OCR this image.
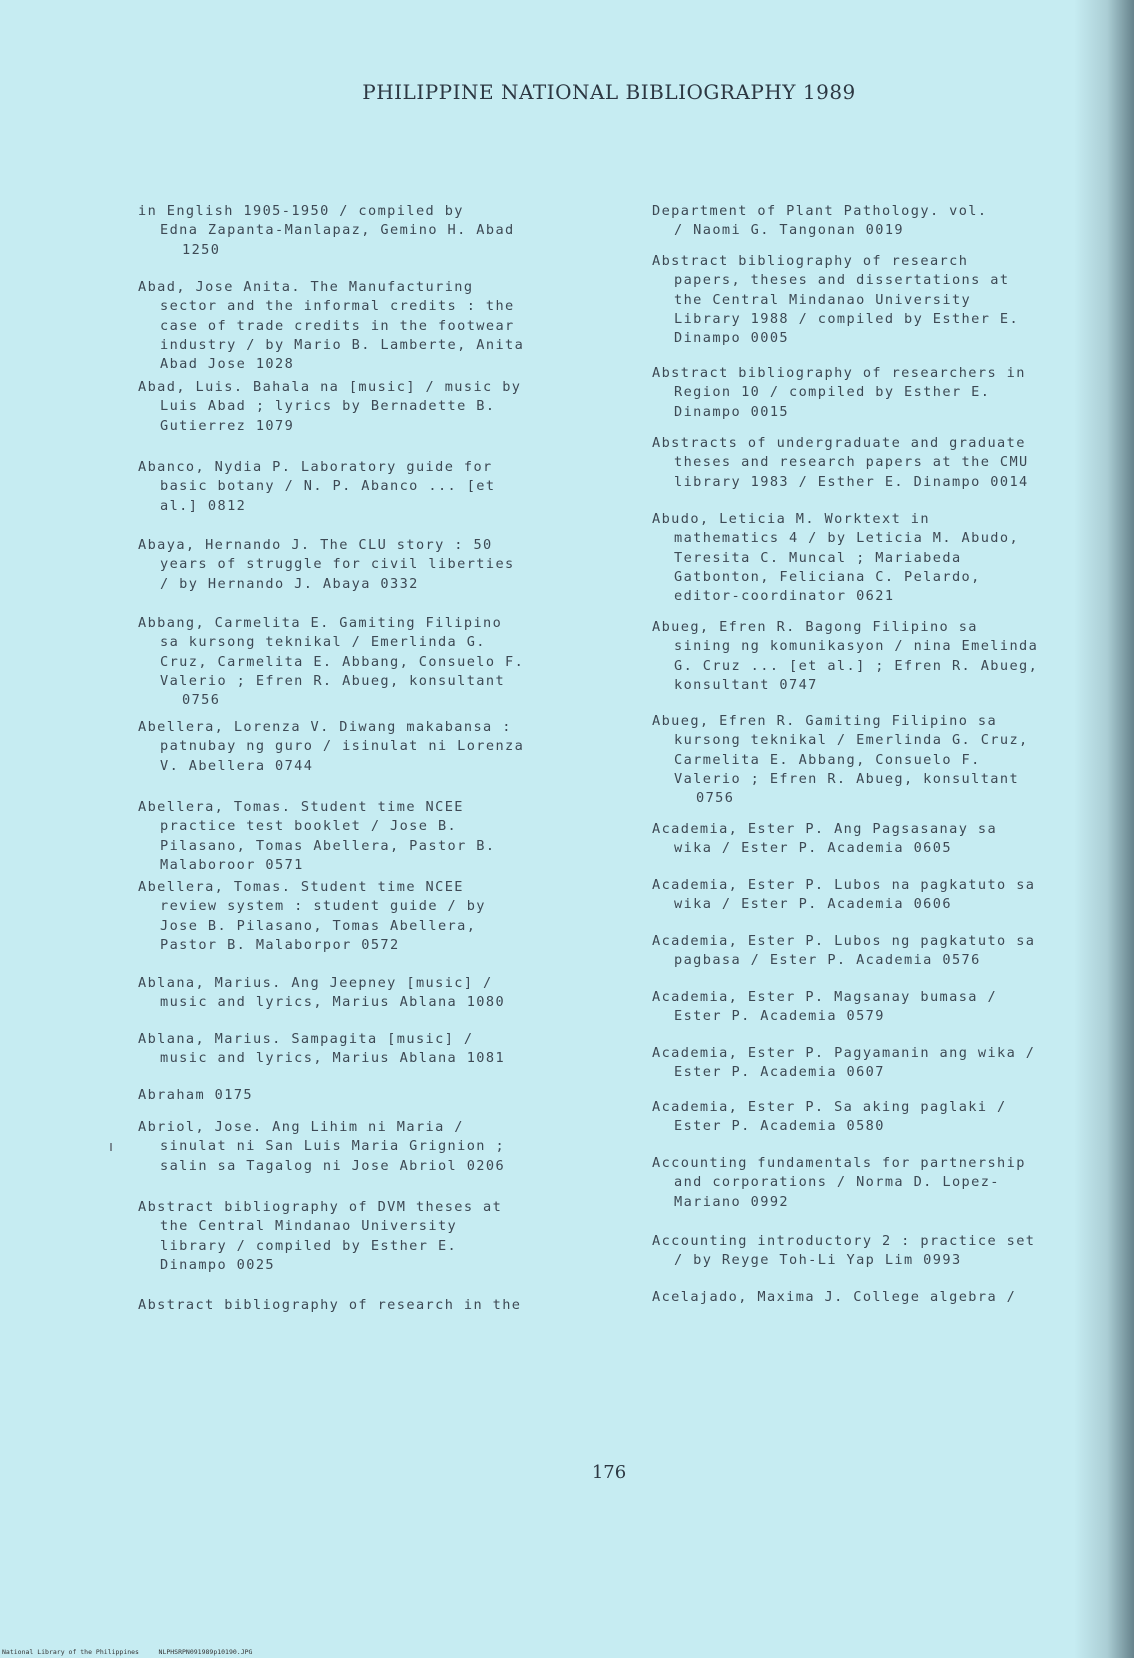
PHILIPPINE NATIONAL BIBLIOGRAPHY 1989
in English 1905-1950 / compiled by
Edna Zapanta-Manlapaz, Gemino H. Abad
1250
Abad, Jose Anita. The Manufacturing
sector and the informal credits : the
case of trade credits in the footwear
industry / by Mario B. Lamberte, Anita
Abad Jose 1028
Abad, Luis. Bahala na [music] / music by
Luis Abad ; lyrics by Bernadette B.
Gutierrez 1079
Abanco, Nydia P. Laboratory guide for
basic botany / N. P. Abanco ... [et
al.] 0812
Abaya, Hernando J. The CLU story : 50
years of struggle for civil liberties
/ by Hernando J. Abaya 0332
Abbang, Carmelita E. Gamiting Filipino
sa kursong teknikal / Emerlinda G.
Cruz, Carmelita E. Abbang, Consuelo F.
Valerio ; Efren R. Abueg, konsultant
0756
Abellera, Lorenza V. Diwang makabansa :
patnubay ng guro / isinulat ni Lorenza
V. Abellera 0744
Abellera, Tomas. Student time NCEE
practice test booklet / Jose B.
Pilasano, Tomas Abellera, Pastor B.
Malaboroor 0571
Abellera, Tomas. Student time NCEE
review system : student guide / by
Jose B. Pilasano, Tomas Abellera,
Pastor B. Malaborpor 0572
Ablana, Marius. Ang Jeepney [music] /
music and lyrics, Marius Ablana 1080
Ablana, Marius. Sampagita [music] /
music and lyrics, Marius Ablana 1081
Abraham 0175
Abriol, Jose. Ang Lihim ni Maria /
sinulat ni San Luis Maria Grignion ;
salin sa Tagalog ni Jose Abriol 0206
Abstract bibliography of DVM theses at
the Central Mindanao University
library / compiled by Esther E.
Dinampo 0025
Abstract bibliography of research in the
Department of Plant Pathology. vol.
/ Naomi G. Tangonan 0019
Abstract bibliography of research
papers, theses and dissertations at
the Central Mindanao University
Library 1988 / compiled by Esther E.
Dinampo 0005
Abstract bibliography of researchers in
Region 10 / compiled by Esther E.
Dinampo 0015
Abstracts of undergraduate and graduate
theses and research papers at the CMU
library 1983 / Esther E. Dinampo 0014
Abudo, Leticia M. Worktext in
mathematics 4 / by Leticia M. Abudo,
Teresita C. Muncal ; Mariabeda
Gatbonton, Feliciana C. Pelardo,
editor-coordinator 0621
Abueg, Efren R. Bagong Filipino sa
sining ng komunikasyon / nina Emelinda
G. Cruz ... [et al.] ; Efren R. Abueg,
konsultant 0747
Abueg, Efren R. Gamiting Filipino sa
kursong teknikal / Emerlinda G. Cruz,
Carmelita E. Abbang, Consuelo F.
Valerio ; Efren R. Abueg, konsultant
0756
Academia, Ester P. Ang Pagsasanay sa
wika / Ester P. Academia 0605
Academia, Ester P. Lubos na pagkatuto sa
wika / Ester P. Academia 0606
Academia, Ester P. Lubos ng pagkatuto sa
pagbasa / Ester P. Academia 0576
Academia, Ester P. Magsanay bumasa /
Ester P. Academia 0579
Academia, Ester P. Pagyamanin ang wika /
Ester P. Academia 0607
Academia, Ester P. Sa aking paglaki /
Ester P. Academia 0580
Accounting fundamentals for partnership
and corporations / Norma D. Lopez-
Mariano 0992
Accounting introductory 2 : practice set
/ by Reyge Toh-Li Yap Lim 0993
Acelajado, Maxima J. College algebra /
176
National Library of the Philippines     NLPHSRPN091989p10190.JPG
